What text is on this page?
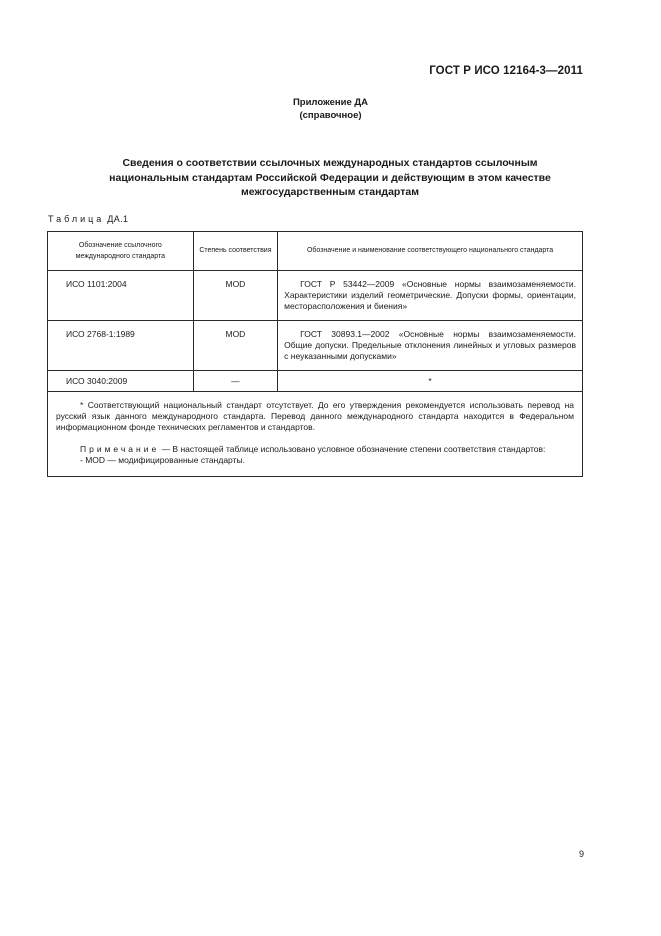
ГОСТ Р ИСО 12164-3—2011
Приложение ДА
(справочное)
Сведения о соответствии ссылочных международных стандартов ссылочным
национальным стандартам Российской Федерации и действующим в этом качестве
межгосударственным стандартам
Таблица ДА.1
Обозначение ссылочного международного стандарта	Степень соответствия	Обозначение и наименование соответствующего национального стандарта
ИСО 1101:2004	MOD	ГОСТ Р 53442—2009 «Основные нормы взаимозаменяемости. Характеристики изделий геометрические. Допуски формы, ориентации, месторасположения и биения»

ИСО 2768-1:1989	MOD	ГОСТ 30893.1—2002 «Основные нормы взаимозаменяемости. Общие допуски. Предельные отклонения линейных и угловых размеров с неуказанными допусками»

ИСО 3040:2009	—	*

* Соответствующий национальный стандарт отсутствует. До его утверждения рекомендуется использовать перевод на русский язык данного международного стандарта. Перевод данного международного стандарта находится в Федеральном информационном фонде технических регламентов и стандартов.

Примечание — В настоящей таблице использовано условное обозначение степени соответствия стандартов:

- MOD — модифицированные стандарты.		

9
